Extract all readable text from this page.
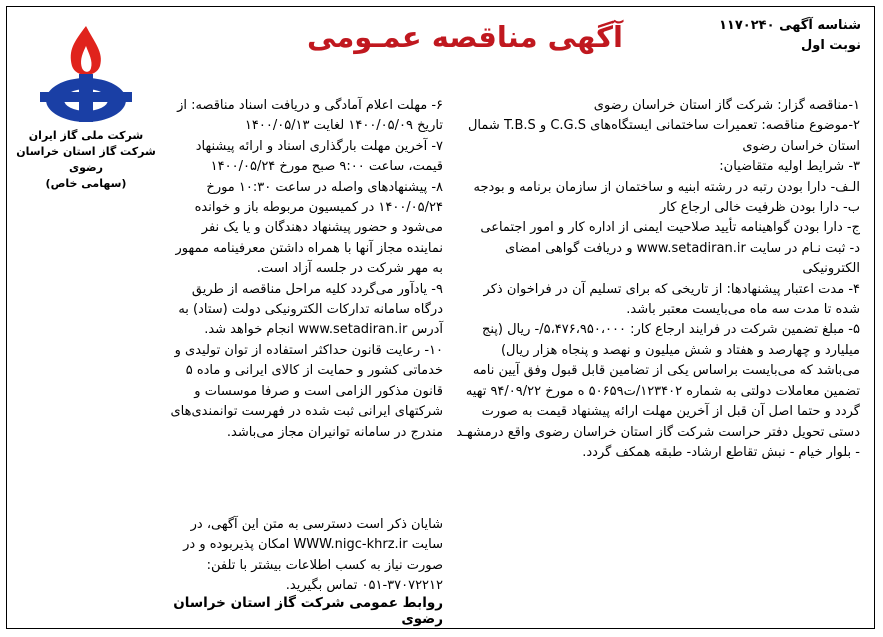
شناسه آگهی ۱۱۷۰۲۴۰
نوبت اول
آگهی مناقصه عمـومی
شرکت ملی گاز ایران
شرکت گاز استان خراسان
رضوی
(سهامی خاص)

۱-مناقصه گزار: شرکت گاز استان خراسان رضوی

۲-موضوع مناقصه: تعمیرات ساختمانی ایستگاه‌های C.G.S و T.B.S شمال استان خراسان رضوی

۳- شرایط اولیه متقاضیان:

الـف- دارا بودن رتبه در رشته ابنیه و ساختمان از سازمان برنامه و بودجه

ب- دارا بودن ظرفیت خالی ارجاع کار

ج- دارا بودن گواهینامه تأیید صلاحیت ایمنی از اداره کار و امور اجتماعی

د- ثبت نـام در سایت www.setadiran.ir و دریافت گواهی امضای الکترونیکی

۴- مدت اعتبار پیشنهادها: از تاریخی که برای تسلیم آن در فراخوان ذکر شده تا مدت سه ماه می‌بایست معتبر باشد.

۵- مبلغ تضمین شرکت در فرایند ارجاع کار: ۵،۴۷۶،۹۵۰،۰۰۰/- ریال (پنج میلیارد و چهارصد و هفتاد و شش میلیون و نهصد و پنجاه هزار ریال) می‌باشد که می‌بایست براساس یکی از تضامین قابل قبول وفق آیین نامه تضمین معاملات دولتی به شماره ۱۲۳۴۰۲/ت۵۰۶۵۹ ه مورخ ۹۴/۰۹/۲۲ تهیه گردد و حتما اصل آن قبل از آخرین مهلت ارائه پیشنهاد قیمت به صورت دستی تحویل دفتر حراست شرکت گاز استان خراسان رضوی واقع درمشهـد - بلوار خیام - نبش تقاطع ارشاد- طبقه همکف گردد.

۶- مهلت اعلام آمادگی و دریافت اسناد مناقصه: از تاریخ ۱۴۰۰/۰۵/۰۹ لغایت ۱۴۰۰/۰۵/۱۳

۷- آخرین مهلت بارگذاری اسناد و ارائه پیشنهاد قیمت، ساعت ۹:۰۰ صبح مورخ ۱۴۰۰/۰۵/۲۴

۸- پیشنهادهای واصله در ساعت ۱۰:۳۰ مورخ ۱۴۰۰/۰۵/۲۴ در کمیسیون مربوطه باز و خوانده می‌شود و حضور پیشنهاد دهندگان و یا یک نفر نماینده مجاز آنها با همراه داشتن معرفینامه ممهور به مهر شرکت در جلسه آزاد است.

۹- یادآور می‌گردد کلیه مراحل مناقصه از طریق درگاه سامانه تدارکات الکترونیکی دولت (ستاد) به آدرس www.setadiran.ir انجام خواهد شد.

۱۰- رعایت قانون حداکثر استفاده از توان تولیدی و خدماتی کشور و حمایت از کالای ایرانی و ماده ۵ قانون مذکور الزامی است و صرفا موسسات و شرکتهای ایرانی ثبت شده در فهرست توانمندی‌های مندرج در سامانه توانیران مجاز می‌باشد.

شایان ذکر است دسترسی به متن این آگهی، در سایت WWW.nigc-khrz.ir امکان پذیربوده و در صورت نیاز به کسب اطلاعات بیشتر با تلفن: ۳۷۰۷۲۲۱۲-۰۵۱ تماس بگیرید.
روابط عمومی شرکت گاز استان خراسان رضوی
